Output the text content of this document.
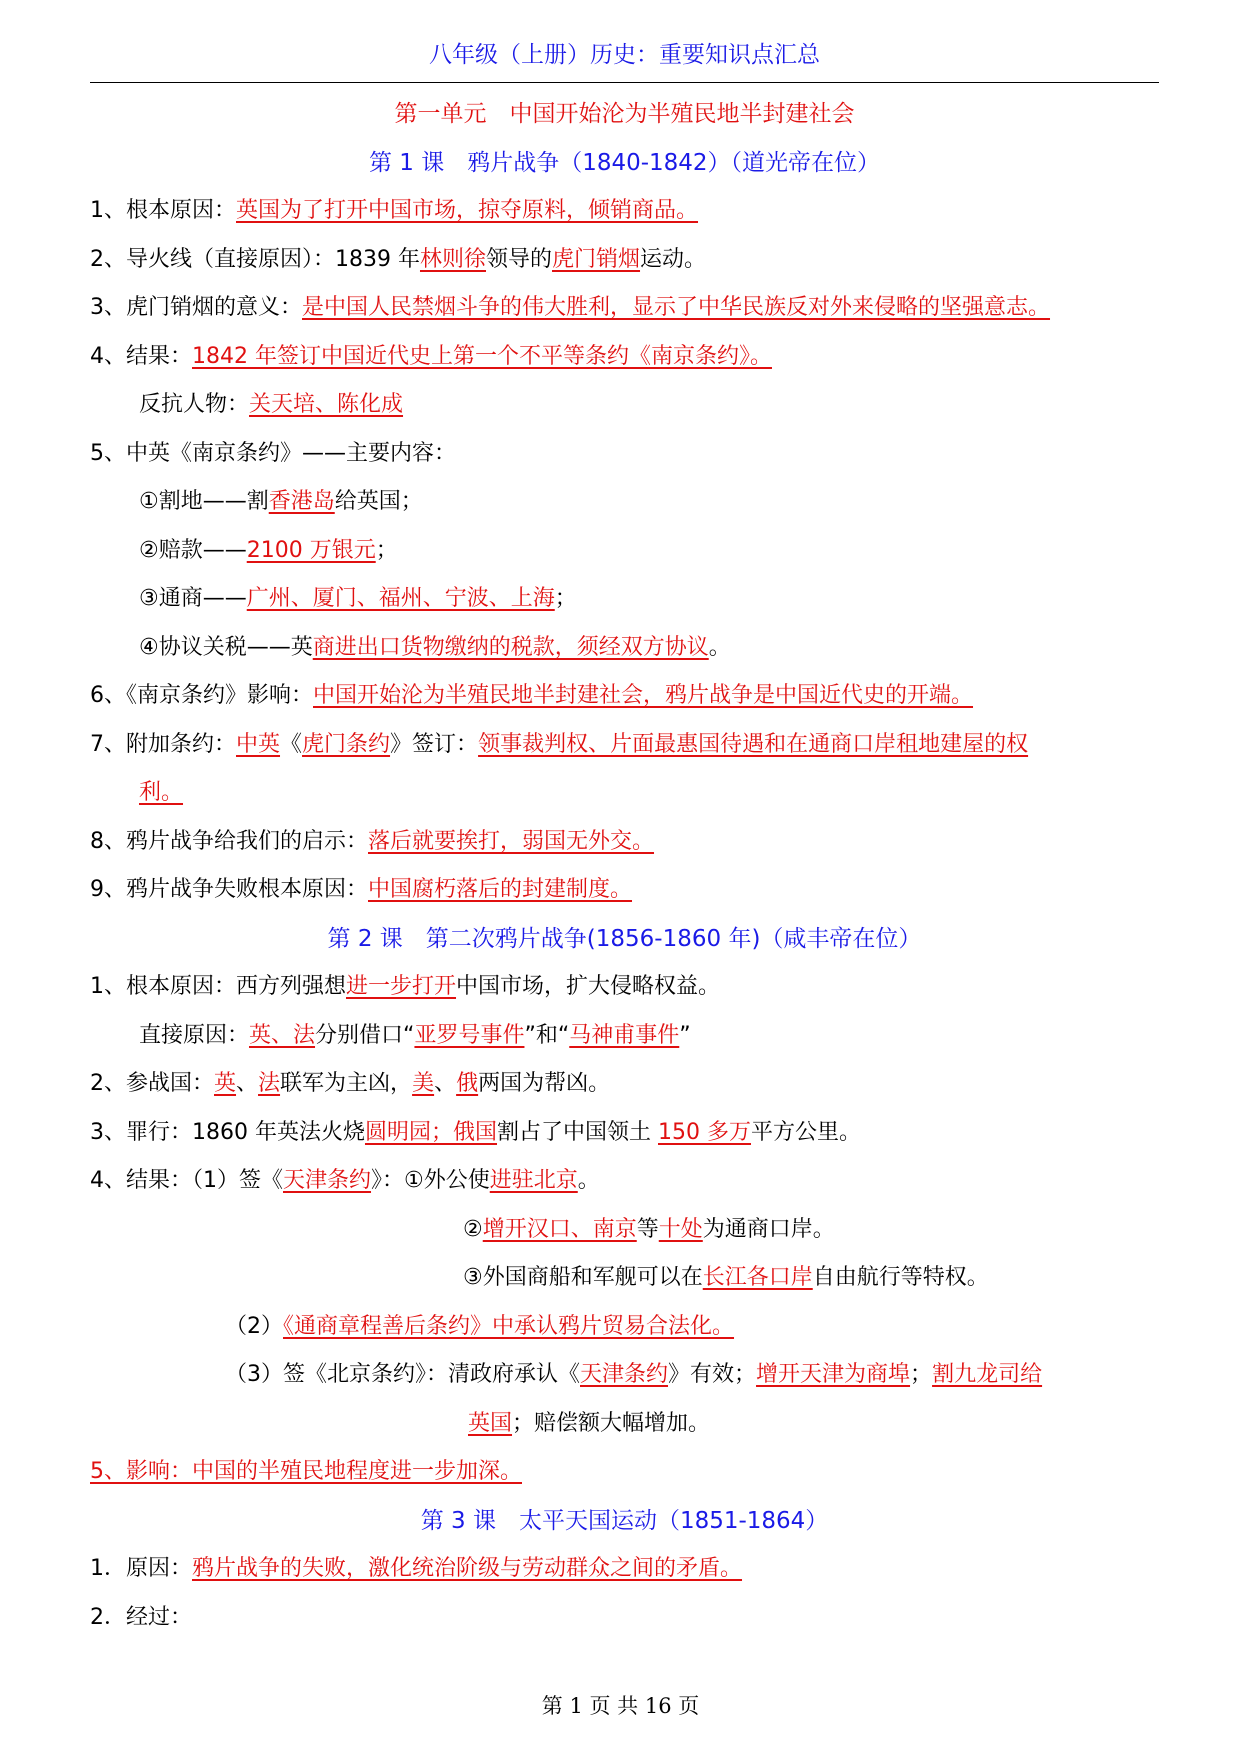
八年级（上册）历史：重要知识点汇总
第一单元　中国开始沦为半殖民地半封建社会
第 1 课　鸦片战争（1840-1842）（道光帝在位）
1、根本原因：英国为了打开中国市场，掠夺原料，倾销商品。
2、导火线（直接原因）：1839 年林则徐领导的虎门销烟运动。
3、虎门销烟的意义：是中国人民禁烟斗争的伟大胜利，显示了中华民族反对外来侵略的坚强意志。
4、结果：1842 年签订中国近代史上第一个不平等条约《南京条约》。
反抗人物：关天培、陈化成
5、中英《南京条约》——主要内容：
①割地——割香港岛给英国；
②赔款——2100 万银元；
③通商——广州、厦门、福州、宁波、上海；
④协议关税——英商进出口货物缴纳的税款，须经双方协议。
6、《南京条约》影响：中国开始沦为半殖民地半封建社会，鸦片战争是中国近代史的开端。
7、附加条约：中英《虎门条约》签订：领事裁判权、片面最惠国待遇和在通商口岸租地建屋的权
利。
8、鸦片战争给我们的启示：落后就要挨打，弱国无外交。
9、鸦片战争失败根本原因：中国腐朽落后的封建制度。
第 2 课　第二次鸦片战争(1856-1860 年)（咸丰帝在位）
1、根本原因：西方列强想进一步打开中国市场，扩大侵略权益。
直接原因：英、法分别借口“亚罗号事件”和“马神甫事件”
2、参战国：英、法联军为主凶，美、俄两国为帮凶。
3、罪行：1860 年英法火烧圆明园；俄国割占了中国领土 150 多万平方公里。
4、结果：（1）签《天津条约》：①外公使进驻北京。
②增开汉口、南京等十处为通商口岸。
③外国商船和军舰可以在长江各口岸自由航行等特权。
（2）《通商章程善后条约》中承认鸦片贸易合法化。
（3）签《北京条约》：清政府承认《天津条约》有效；增开天津为商埠；割九龙司给
英国；赔偿额大幅增加。
5、影响：中国的半殖民地程度进一步加深。
第 3 课　太平天国运动（1851-1864）
1．原因：鸦片战争的失败，激化统治阶级与劳动群众之间的矛盾。
2．经过：
第 1 页 共 16 页
